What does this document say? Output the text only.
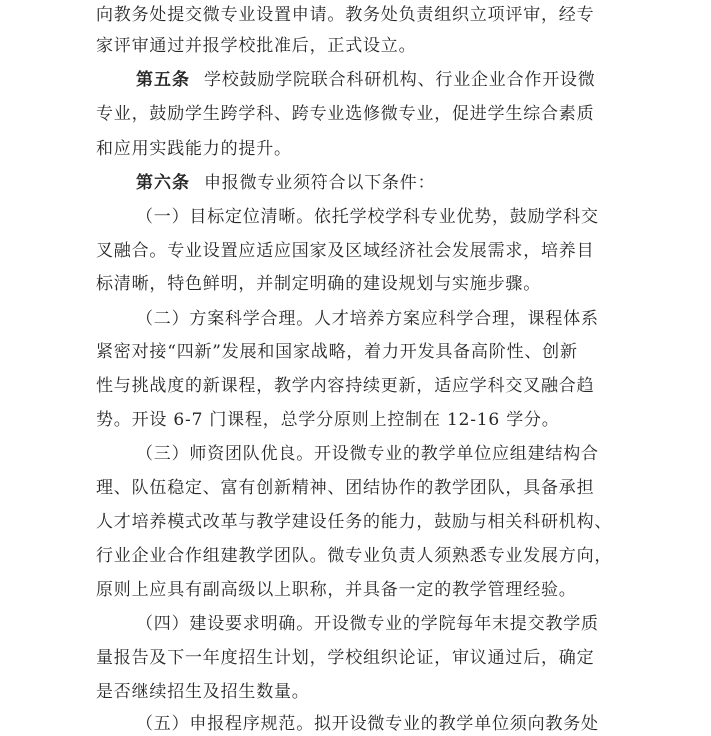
向教务处提交微专业设置申请。教务处负责组织立项评审，经专
家评审通过并报学校批准后，正式设立。
第五条 学校鼓励学院联合科研机构、行业企业合作开设微
专业，鼓励学生跨学科、跨专业选修微专业，促进学生综合素质
和应用实践能力的提升。
第六条 申报微专业须符合以下条件：
（一）目标定位清晰。依托学校学科专业优势，鼓励学科交
叉融合。专业设置应适应国家及区域经济社会发展需求，培养目
标清晰，特色鲜明，并制定明确的建设规划与实施步骤。
（二）方案科学合理。人才培养方案应科学合理，课程体系
紧密对接“四新”发展和国家战略，着力开发具备高阶性、创新
性与挑战度的新课程，教学内容持续更新，适应学科交叉融合趋
势。开设 6-7 门课程，总学分原则上控制在 12-16 学分。
（三）师资团队优良。开设微专业的教学单位应组建结构合
理、队伍稳定、富有创新精神、团结协作的教学团队，具备承担
人才培养模式改革与教学建设任务的能力，鼓励与相关科研机构、
行业企业合作组建教学团队。微专业负责人须熟悉专业发展方向，
原则上应具有副高级以上职称，并具备一定的教学管理经验。
（四）建设要求明确。开设微专业的学院每年末提交教学质
量报告及下一年度招生计划，学校组织论证，审议通过后，确定
是否继续招生及招生数量。
（五）申报程序规范。拟开设微专业的教学单位须向教务处
